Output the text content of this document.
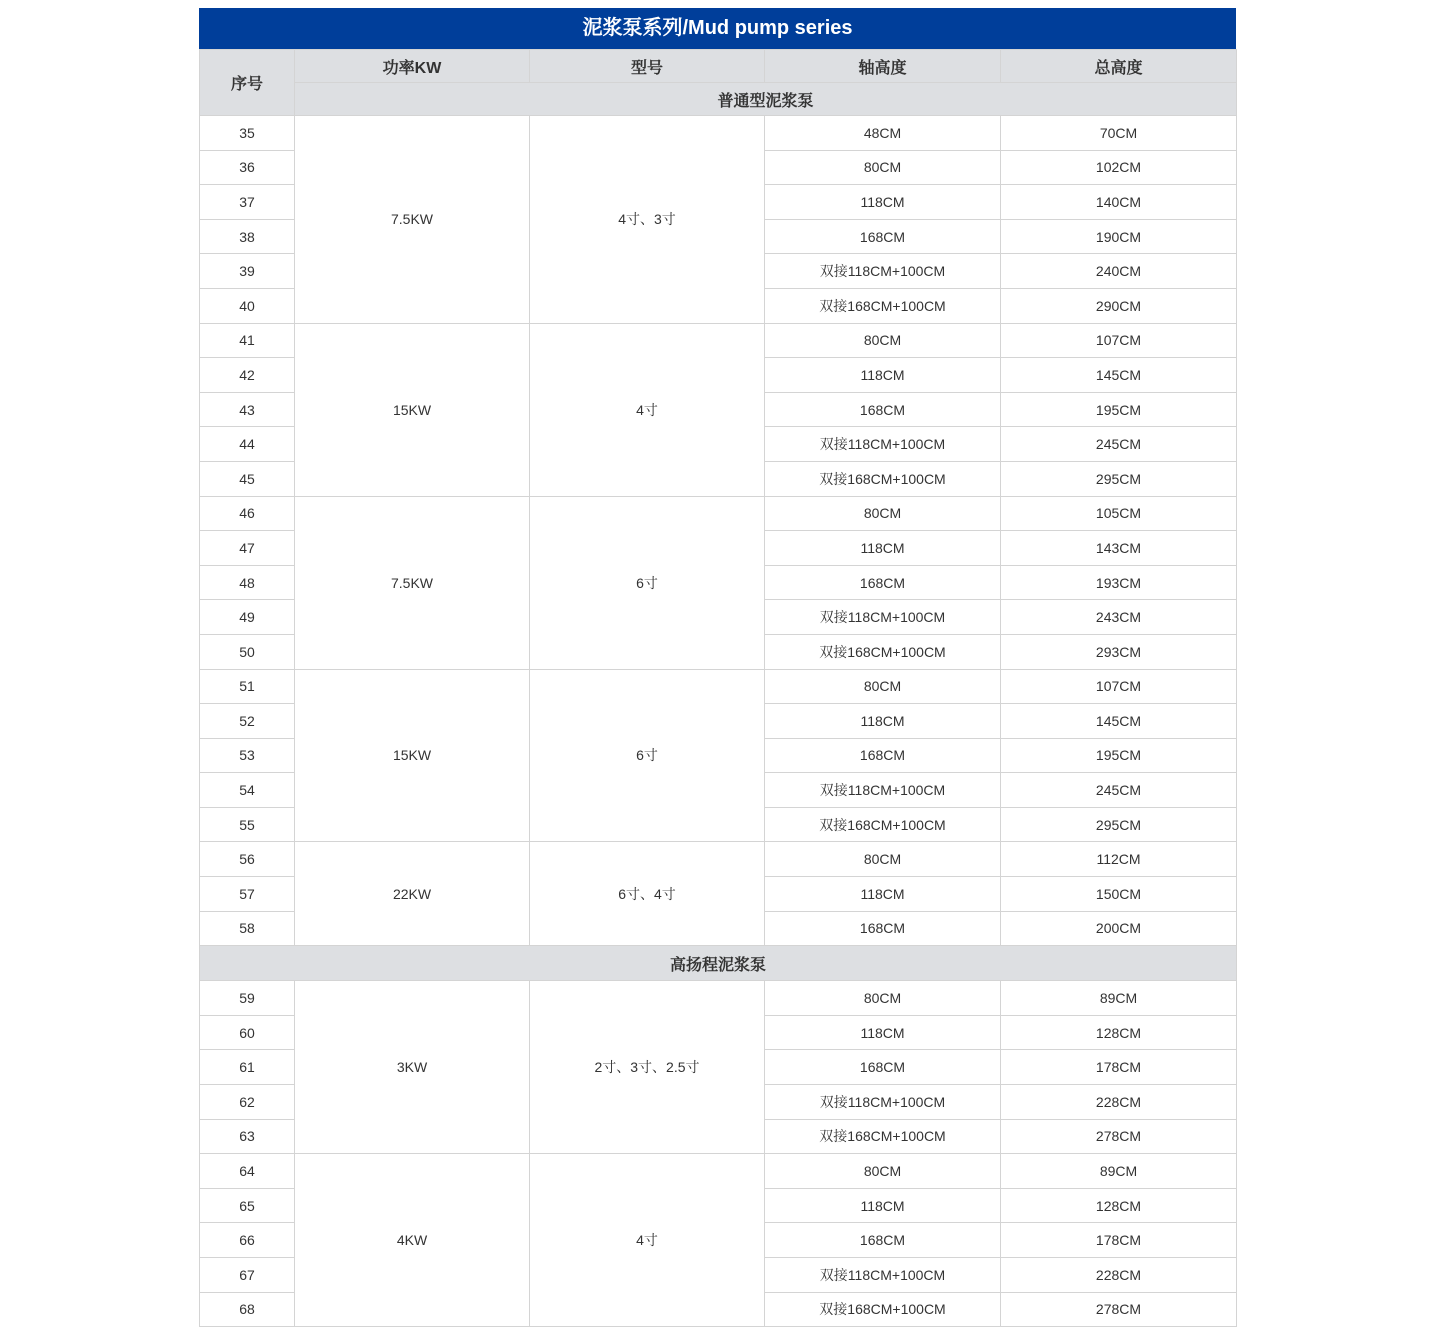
泥浆泵系列/Mud pump series
序号	功率KW	型号	轴高度	总高度
	普通型泥浆泵			
35	7.5KW	4寸、3寸	48CM	70CM
36			80CM	102CM
37			118CM	140CM
38			168CM	190CM
39			双接118CM+100CM	240CM
40			双接168CM+100CM	290CM
41	15KW	4寸	80CM	107CM
42			118CM	145CM
43			168CM	195CM
44			双接118CM+100CM	245CM
45			双接168CM+100CM	295CM
46	7.5KW	6寸	80CM	105CM
47			118CM	143CM
48			168CM	193CM
49			双接118CM+100CM	243CM
50			双接168CM+100CM	293CM
51	15KW	6寸	80CM	107CM
52			118CM	145CM
53			168CM	195CM
54			双接118CM+100CM	245CM
55			双接168CM+100CM	295CM
56	22KW	6寸、4寸	80CM	112CM
57			118CM	150CM
58			168CM	200CM
高扬程泥浆泵				
59	3KW	2寸、3寸、2.5寸	80CM	89CM
60			118CM	128CM
61			168CM	178CM
62			双接118CM+100CM	228CM
63			双接168CM+100CM	278CM
64	4KW	4寸	80CM	89CM
65			118CM	128CM
66			168CM	178CM
67			双接118CM+100CM	228CM
68			双接168CM+100CM	278CM
